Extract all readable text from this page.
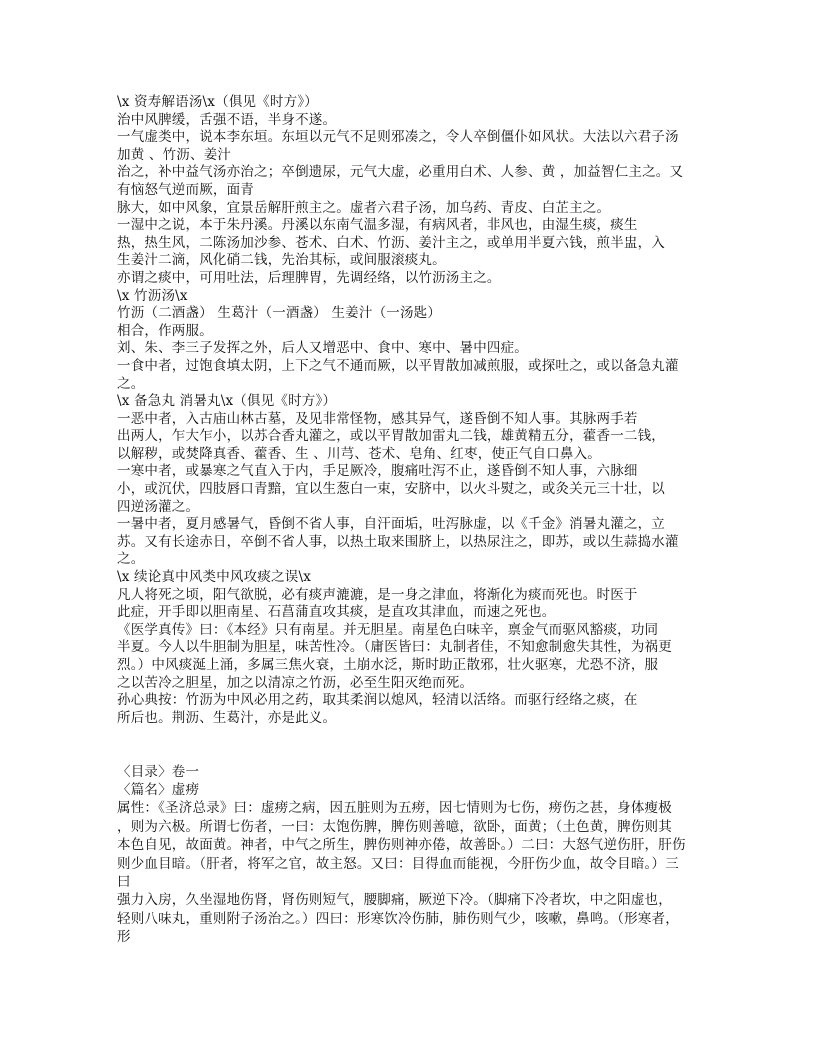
\x 资寿解语汤\x（俱见《时方》）
治中风脾缓，舌强不语，半身不遂。
一气虚类中，说本李东垣。东垣以元气不足则邪凑之，令人卒倒僵仆如风状。大法以六君子汤
加黄 、竹沥、姜汁
治之，补中益气汤亦治之；卒倒遗尿，元气大虚，必重用白术、人参、黄 ，加益智仁主之。又
有恼怒气逆而厥，面青
脉大，如中风象，宜景岳解肝煎主之。虚者六君子汤，加乌药、青皮、白芷主之。
一湿中之说，本于朱丹溪。丹溪以东南气温多湿，有病风者，非风也，由湿生痰，痰生
热，热生风，二陈汤加沙参、苍术、白术、竹沥、姜汁主之，或单用半夏六钱，煎半盅，入
生姜汁二滴，风化硝二钱，先治其标，或间服滚痰丸。
亦谓之痰中，可用吐法，后理脾胃，先调经络，以竹沥汤主之。
\x 竹沥汤\x
竹沥（二酒盏） 生葛汁（一酒盏） 生姜汁（一汤匙）
相合，作两服。
刘、朱、李三子发挥之外，后人又增恶中、食中、寒中、暑中四症。
一食中者，过饱食填太阴，上下之气不通而厥，以平胃散加减煎服，或探吐之，或以备急丸灌
之。
\x 备急丸 消暑丸\x（俱见《时方》）
一恶中者，入古庙山林古墓，及见非常怪物，感其异气，遂昏倒不知人事。其脉两手若
出两人，乍大乍小，以苏合香丸灌之，或以平胃散加雷丸二钱，雄黄精五分，藿香一二钱，
以解秽，或焚降真香、藿香、生 、川芎、苍术、皂角、红枣，使正气自口鼻入。
一寒中者，或暴寒之气直入于内，手足厥冷，腹痛吐泻不止，遂昏倒不知人事，六脉细
小，或沉伏，四肢唇口青黯，宜以生葱白一束，安脐中，以火斗熨之，或灸关元三十壮，以
四逆汤灌之。
一暑中者，夏月感暑气，昏倒不省人事，自汗面垢，吐泻脉虚，以《千金》消暑丸灌之，立
苏。又有长途赤日，卒倒不省人事，以热土取来围脐上，以热尿注之，即苏，或以生蒜捣水灌
之。
\x 续论真中风类中风攻痰之误\x
凡人将死之顷，阳气欲脱，必有痰声漉漉，是一身之津血，将渐化为痰而死也。时医于
此症，开手即以胆南星、石菖蒲直攻其痰，是直攻其津血，而速之死也。
《医学真传》曰：《本经》只有南星。并无胆星。南星色白味辛，禀金气而驱风豁痰，功同
半夏。今人以牛胆制为胆星，味苦性冷。（庸医皆曰：丸制者佳，不知愈制愈失其性，为祸更
烈。）中风痰涎上涌，多属三焦火衰，土崩水泛，斯时助正散邪，壮火驱寒，尤恐不济，服
之以苦冷之胆星，加之以清凉之竹沥，必至生阳灭绝而死。
孙心典按：竹沥为中风必用之药，取其柔润以熄风，轻清以活络。而驱行经络之痰，在
所后也。荆沥、生葛汁，亦是此义。
〈目录〉卷一
〈篇名〉虚痨
属性：《圣济总录》曰：虚痨之病，因五脏则为五痨，因七情则为七伤，痨伤之甚，身体瘦极
，则为六极。所谓七伤者，一曰：太饱伤脾，脾伤则善噫，欲卧，面黄；（土色黄，脾伤则其
本色自见，故面黄。神者，中气之所生，脾伤则神亦倦，故善卧。）二曰：大怒气逆伤肝，肝伤
则少血目暗。（肝者，将军之官，故主怒。又曰：目得血而能视，今肝伤少血，故令目暗。）三
曰
强力入房，久坐湿地伤肾，肾伤则短气，腰脚痛，厥逆下冷。（脚痛下冷者坎，中之阳虚也，
轻则八味丸，重则附子汤治之。）四曰：形寒饮冷伤肺，肺伤则气少，咳嗽，鼻鸣。（形寒者，
形
